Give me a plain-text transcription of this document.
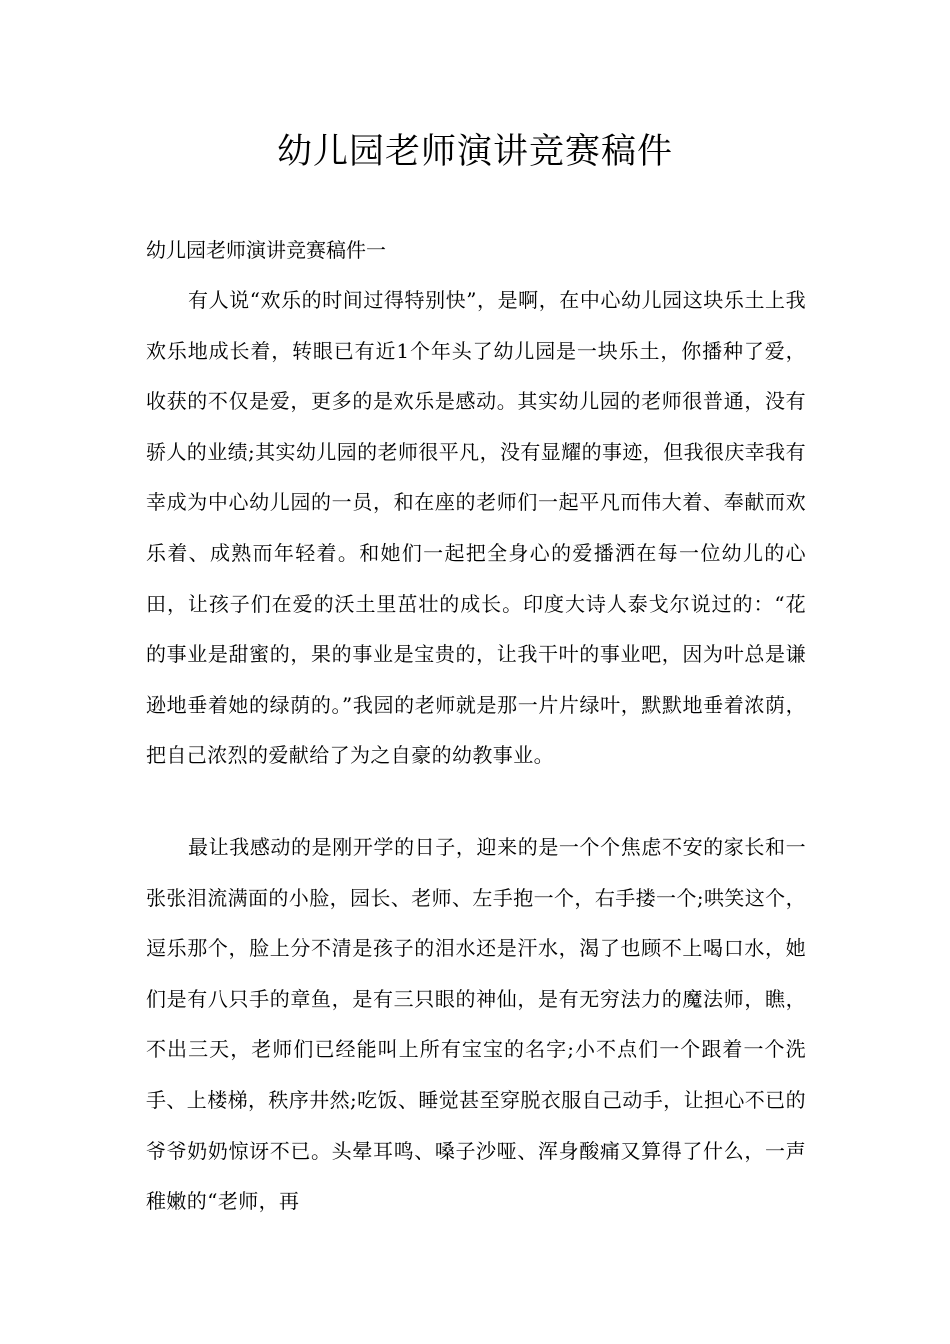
幼儿园老师演讲竞赛稿件
幼儿园老师演讲竞赛稿件一
有人说“欢乐的时间过得特别快”，是啊，在中心幼儿园这块乐土上我欢乐地成长着，转眼已有近1个年头了幼儿园是一块乐土，你播种了爱，收获的不仅是爱，更多的是欢乐是感动。其实幼儿园的老师很普通，没有骄人的业绩;其实幼儿园的老师很平凡，没有显耀的事迹，但我很庆幸我有幸成为中心幼儿园的一员，和在座的老师们一起平凡而伟大着、奉献而欢乐着、成熟而年轻着。和她们一起把全身心的爱播洒在每一位幼儿的心田，让孩子们在爱的沃土里茁壮的成长。印度大诗人泰戈尔说过的：“花的事业是甜蜜的，果的事业是宝贵的，让我干叶的事业吧，因为叶总是谦逊地垂着她的绿荫的。”我园的老师就是那一片片绿叶，默默地垂着浓荫，把自己浓烈的爱献给了为之自豪的幼教事业。
最让我感动的是刚开学的日子，迎来的是一个个焦虑不安的家长和一张张泪流满面的小脸，园长、老师、左手抱一个，右手搂一个;哄笑这个，逗乐那个，脸上分不清是孩子的泪水还是汗水，渴了也顾不上喝口水，她们是有八只手的章鱼，是有三只眼的神仙，是有无穷法力的魔法师，瞧，不出三天，老师们已经能叫上所有宝宝的名字;小不点们一个跟着一个洗手、上楼梯，秩序井然;吃饭、睡觉甚至穿脱衣服自己动手，让担心不已的爷爷奶奶惊讶不已。头晕耳鸣、嗓子沙哑、浑身酸痛又算得了什么，一声稚嫩的“老师，再
